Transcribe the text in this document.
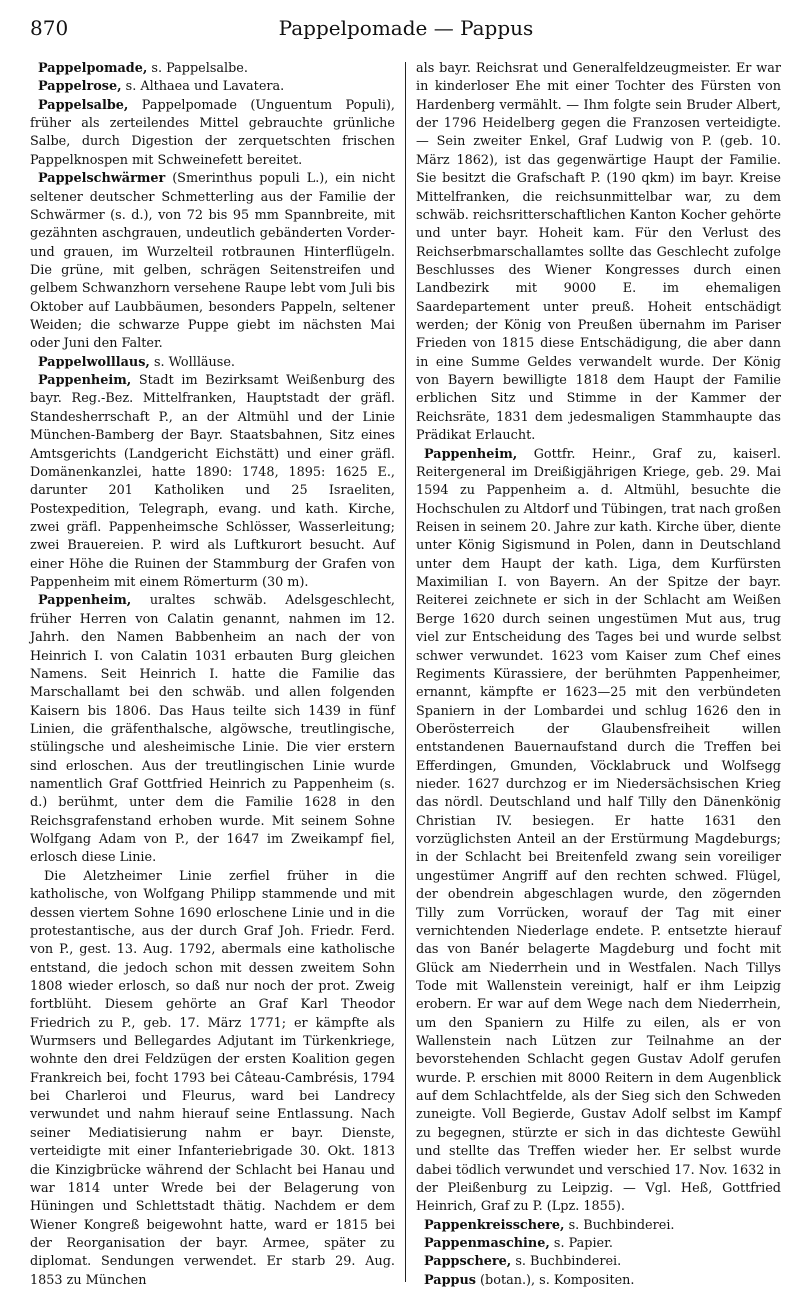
870	Pappelpomade — Pappus

Pappelpomade, s. Pappelsalbe.

Pappelrose, s. Althaea und Lavatera.

Pappelsalbe, Pappelpomade (Unguentum Populi), früher als zerteilendes Mittel gebrauchte grünliche Salbe, durch Digestion der zerquetschten frischen Pappelknospen mit Schweinefett bereitet.

Pappelschwärmer (Smerinthus populi L.), ein nicht seltener deutscher Schmetterling aus der Familie der Schwärmer (s. d.), von 72 bis 95 mm Spannbreite, mit gezähnten aschgrauen, undeutlich gebänderten Vorder- und grauen, im Wurzelteil rotbraunen Hinterflügeln. Die grüne, mit gelben, schrägen Seitenstreifen und gelbem Schwanzhorn versehene Raupe lebt vom Juli bis Oktober auf Laubbäumen, besonders Pappeln, seltener Weiden; die schwarze Puppe giebt im nächsten Mai oder Juni den Falter.

Pappelwolllaus, s. Wollläuse.

Pappenheim, Stadt im Bezirksamt Weißenburg des bayr. Reg.-Bez. Mittelfranken, Hauptstadt der gräfl. Standesherrschaft P., an der Altmühl und der Linie München-Bamberg der Bayr. Staatsbahnen, Sitz eines Amtsgerichts (Landgericht Eichstätt) und einer gräfl. Domänenkanzlei, hatte 1890: 1748, 1895: 1625 E., darunter 201 Katholiken und 25 Israeliten, Postexpedition, Telegraph, evang. und kath. Kirche, zwei gräfl. Pappenheimsche Schlösser, Wasserleitung; zwei Brauereien. P. wird als Luftkurort besucht. Auf einer Höhe die Ruinen der Stammburg der Grafen von Pappenheim mit einem Römerturm (30 m).

Pappenheim, uraltes schwäb. Adelsgeschlecht, früher Herren von Calatin genannt, nahmen im 12. Jahrh. den Namen Babbenheim an nach der von Heinrich I. von Calatin 1031 erbauten Burg gleichen Namens. Seit Heinrich I. hatte die Familie das Marschallamt bei den schwäb. und allen folgenden Kaisern bis 1806. Das Haus teilte sich 1439 in fünf Linien, die gräfenthalsche, algöwsche, treutlingische, stülingsche und alesheimische Linie. Die vier erstern sind erloschen. Aus der treutlingischen Linie wurde namentlich Graf Gottfried Heinrich zu Pappenheim (s. d.) berühmt, unter dem die Familie 1628 in den Reichsgrafenstand erhoben wurde. Mit seinem Sohne Wolfgang Adam von P., der 1647 im Zweikampf fiel, erlosch diese Linie.

Die Aletzheimer Linie zerfiel früher in die katholische, von Wolfgang Philipp stammende und mit dessen viertem Sohne 1690 erloschene Linie und in die protestantische, aus der durch Graf Joh. Friedr. Ferd. von P., gest. 13. Aug. 1792, abermals eine katholische entstand, die jedoch schon mit dessen zweitem Sohn 1808 wieder erlosch, so daß nur noch der prot. Zweig fortblüht. Diesem gehörte an Graf Karl Theodor Friedrich zu P., geb. 17. März 1771; er kämpfte als Wurmsers und Bellegardes Adjutant im Türkenkriege, wohnte den drei Feldzügen der ersten Koalition gegen Frankreich bei, focht 1793 bei Câteau-Cambrésis, 1794 bei Charleroi und Fleurus, ward bei Landrecy verwundet und nahm hierauf seine Entlassung. Nach seiner Mediatisierung nahm er bayr. Dienste, verteidigte mit einer Infanteriebrigade 30. Okt. 1813 die Kinzigbrücke während der Schlacht bei Hanau und war 1814 unter Wrede bei der Belagerung von Hüningen und Schlettstadt thätig. Nachdem er dem Wiener Kongreß beigewohnt hatte, ward er 1815 bei der Reorganisation der bayr. Armee, später zu diplomat. Sendungen verwendet. Er starb 29. Aug. 1853 zu München

als bayr. Reichsrat und Generalfeldzeugmeister. Er war in kinderloser Ehe mit einer Tochter des Fürsten von Hardenberg vermählt. — Ihm folgte sein Bruder Albert, der 1796 Heidelberg gegen die Franzosen verteidigte. — Sein zweiter Enkel, Graf Ludwig von P. (geb. 10. März 1862), ist das gegenwärtige Haupt der Familie. Sie besitzt die Grafschaft P. (190 qkm) im bayr. Kreise Mittelfranken, die reichsunmittelbar war, zu dem schwäb. reichsritterschaftlichen Kanton Kocher gehörte und unter bayr. Hoheit kam. Für den Verlust des Reichserbmarschallamtes sollte das Geschlecht zufolge Beschlusses des Wiener Kongresses durch einen Landbezirk mit 9000 E. im ehemaligen Saardepartement unter preuß. Hoheit entschädigt werden; der König von Preußen übernahm im Pariser Frieden von 1815 diese Entschädigung, die aber dann in eine Summe Geldes verwandelt wurde. Der König von Bayern bewilligte 1818 dem Haupt der Familie erblichen Sitz und Stimme in der Kammer der Reichsräte, 1831 dem jedesmaligen Stammhaupte das Prädikat Erlaucht.

Pappenheim, Gottfr. Heinr., Graf zu, kaiserl. Reitergeneral im Dreißigjährigen Kriege, geb. 29. Mai 1594 zu Pappenheim a. d. Altmühl, besuchte die Hochschulen zu Altdorf und Tübingen, trat nach großen Reisen in seinem 20. Jahre zur kath. Kirche über, diente unter König Sigismund in Polen, dann in Deutschland unter dem Haupt der kath. Liga, dem Kurfürsten Maximilian I. von Bayern. An der Spitze der bayr. Reiterei zeichnete er sich in der Schlacht am Weißen Berge 1620 durch seinen ungestümen Mut aus, trug viel zur Entscheidung des Tages bei und wurde selbst schwer verwundet. 1623 vom Kaiser zum Chef eines Regiments Kürassiere, der berühmten Pappenheimer, ernannt, kämpfte er 1623—25 mit den verbündeten Spaniern in der Lombardei und schlug 1626 den in Oberösterreich der Glaubensfreiheit willen entstandenen Bauernaufstand durch die Treffen bei Efferdingen, Gmunden, Vöcklabruck und Wolfsegg nieder. 1627 durchzog er im Niedersächsischen Krieg das nördl. Deutschland und half Tilly den Dänenkönig Christian IV. besiegen. Er hatte 1631 den vorzüglichsten Anteil an der Erstürmung Magdeburgs; in der Schlacht bei Breitenfeld zwang sein voreiliger ungestümer Angriff auf den rechten schwed. Flügel, der obendrein abgeschlagen wurde, den zögernden Tilly zum Vorrücken, worauf der Tag mit einer vernichtenden Niederlage endete. P. entsetzte hierauf das von Banér belagerte Magdeburg und focht mit Glück am Niederrhein und in Westfalen. Nach Tillys Tode mit Wallenstein vereinigt, half er ihm Leipzig erobern. Er war auf dem Wege nach dem Niederrhein, um den Spaniern zu Hilfe zu eilen, als er von Wallenstein nach Lützen zur Teilnahme an der bevorstehenden Schlacht gegen Gustav Adolf gerufen wurde. P. erschien mit 8000 Reitern in dem Augenblick auf dem Schlachtfelde, als der Sieg sich den Schweden zuneigte. Voll Begierde, Gustav Adolf selbst im Kampf zu begegnen, stürzte er sich in das dichteste Gewühl und stellte das Treffen wieder her. Er selbst wurde dabei tödlich verwundet und verschied 17. Nov. 1632 in der Pleißenburg zu Leipzig. — Vgl. Heß, Gottfried Heinrich, Graf zu P. (Lpz. 1855).

Pappenkreisschere, s. Buchbinderei.

Pappenmaschine, s. Papier.

Pappschere, s. Buchbinderei.

Pappus (botan.), s. Kompositen.
